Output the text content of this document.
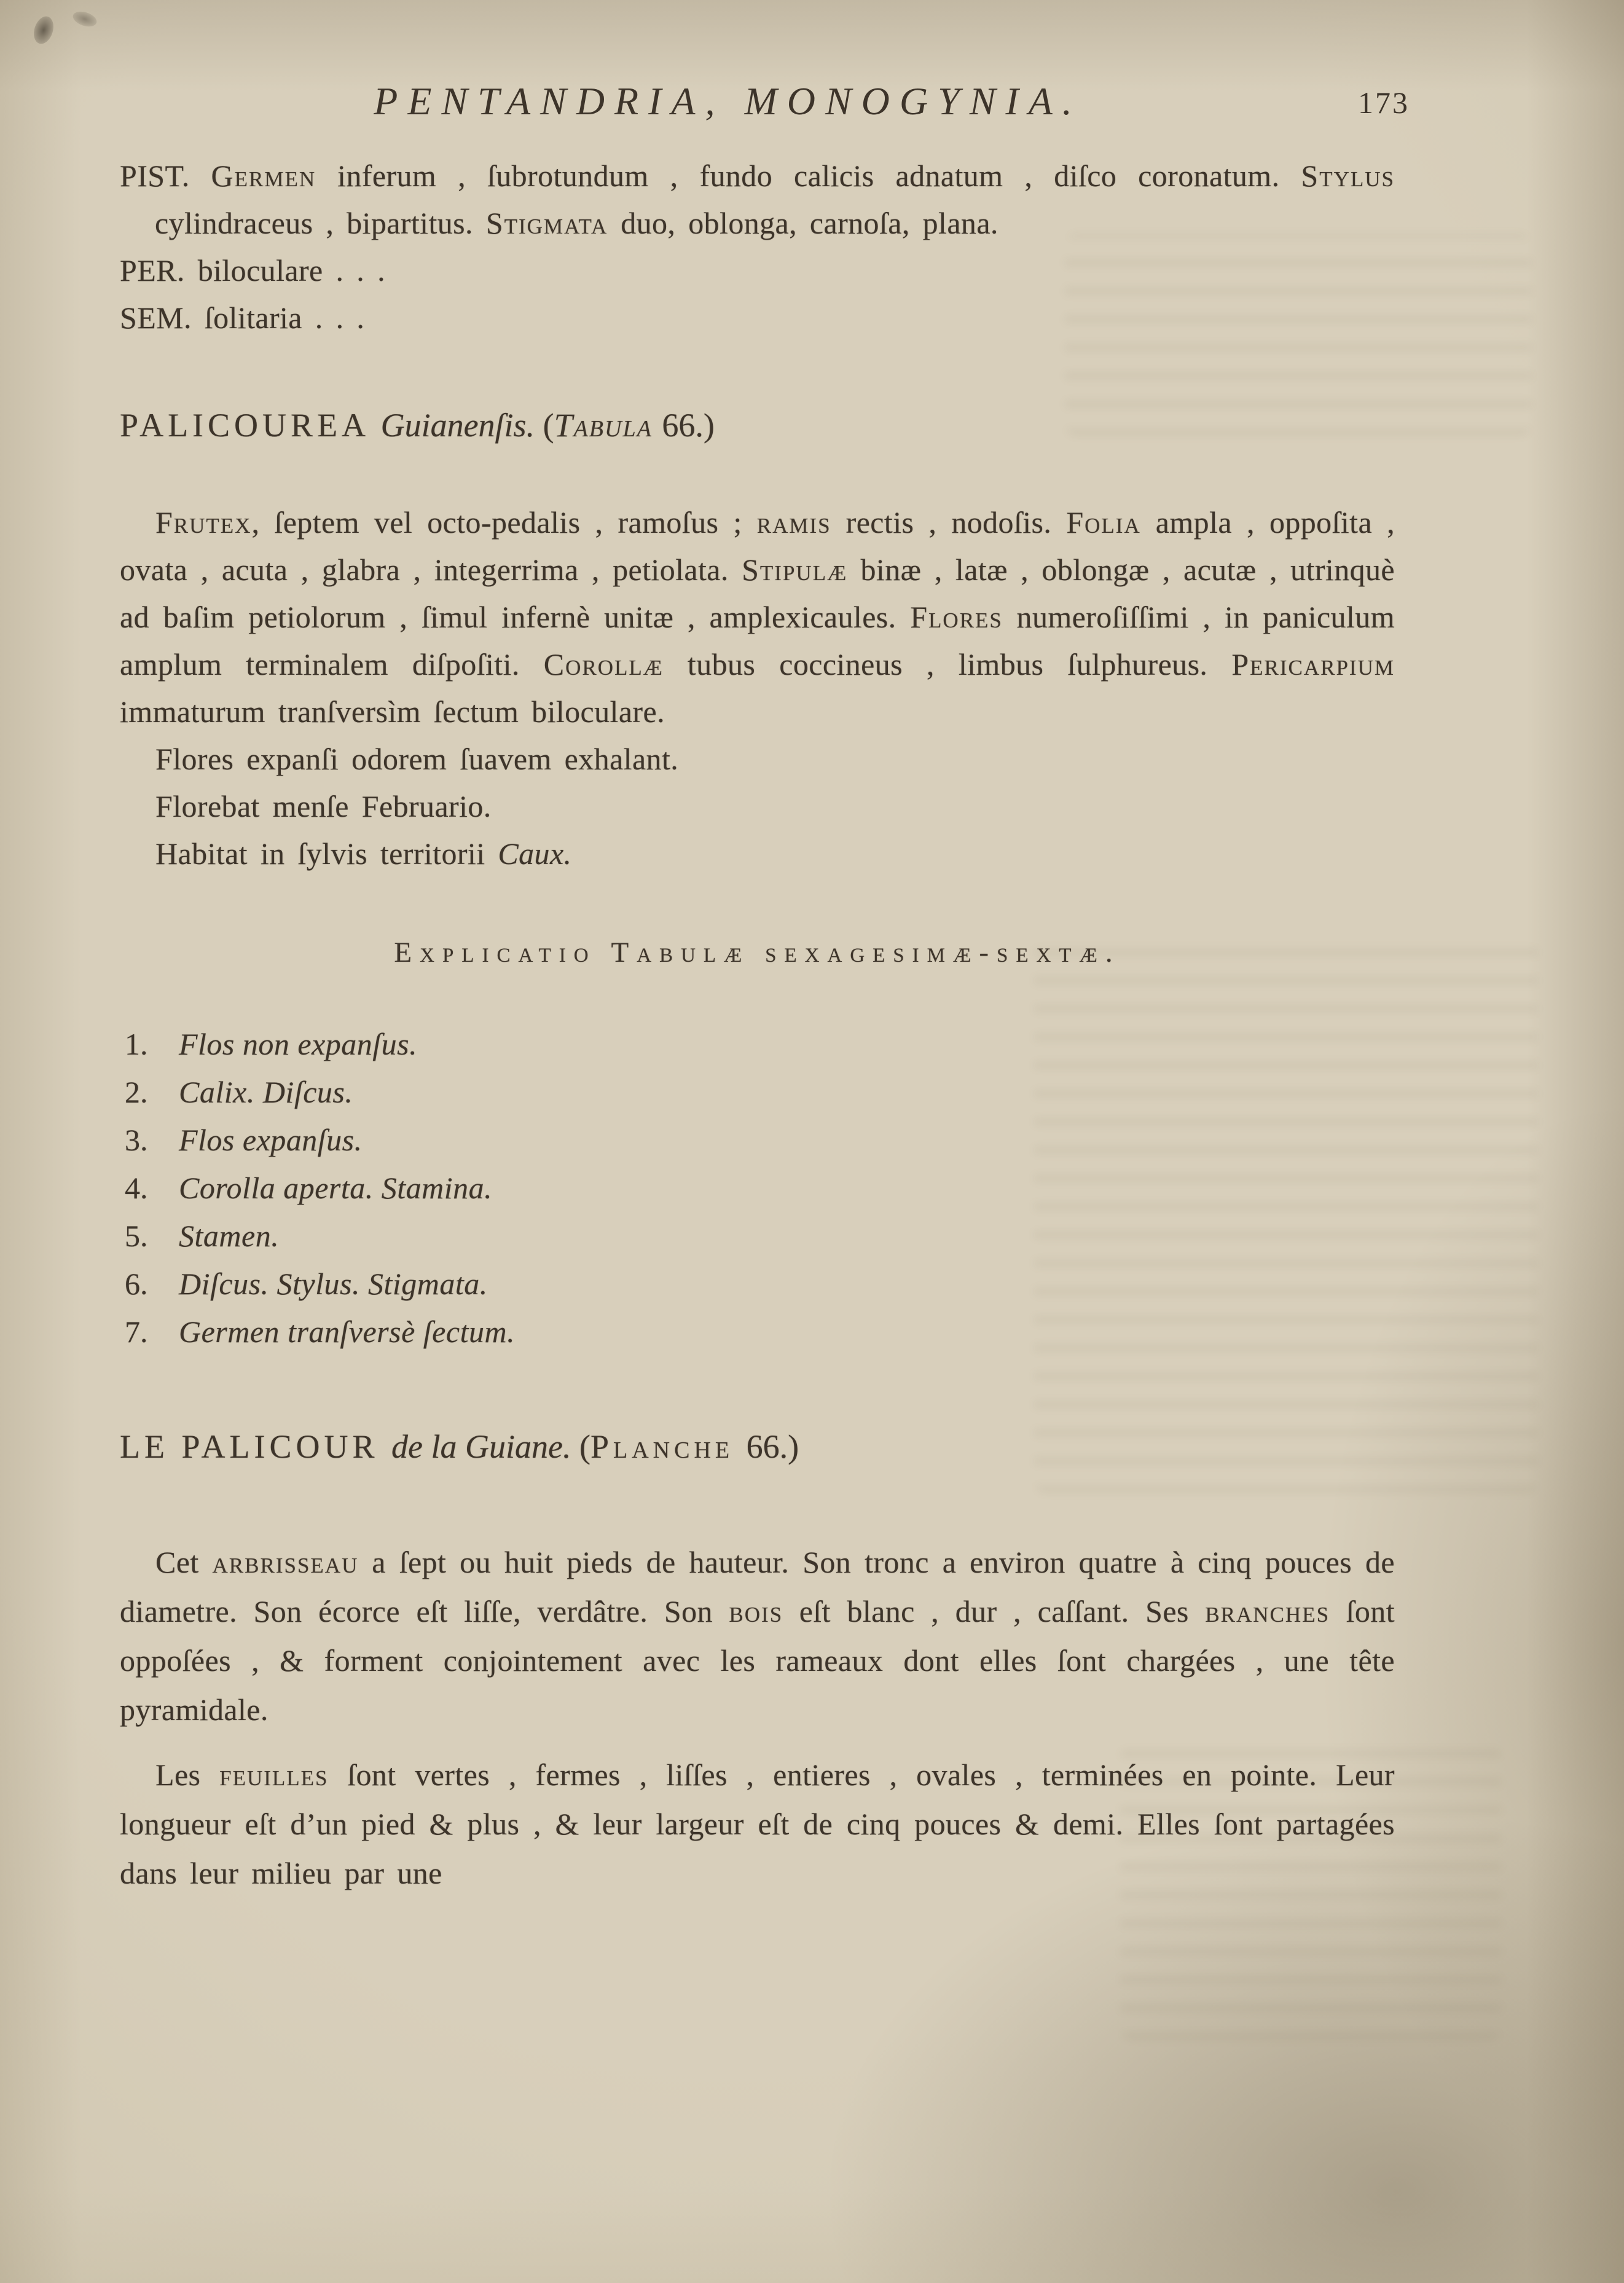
PENTANDRIA, MONOGYNIA.	173

PIST. Germen inferum , ſubrotundum , fundo calicis adnatum , diſco coronatum. Stylus cylindraceus , bipartitus. Stigmata duo, oblonga, carnoſa, plana.

PER. biloculare . . .

SEM. ſolitaria . . .

PALICOUREA Guianenſis. (Tabula 66.)

Frutex, ſeptem vel octo-pedalis , ramoſus ; ramis rectis , nodoſis. Folia ampla , oppoſita , ovata , acuta , glabra , integerrima , petiolata. Stipulæ binæ , latæ , oblongæ , acutæ , utrinquè ad baſim petiolorum , ſimul infernè unitæ , amplexicaules. Flores numeroſiſſimi , in paniculum amplum terminalem diſpoſiti. Corollæ tubus coccineus , limbus ſulphureus. Pericarpium immaturum tranſversìm ſectum biloculare.

Flores expanſi odorem ſuavem exhalant.

Florebat menſe Februario.

Habitat in ſylvis territorii Caux.

Explicatio Tabulæ sexagesimæ-sextæ.
1. Flos non expanſus.
2. Calix. Diſcus.
3. Flos expanſus.
4. Corolla aperta. Stamina.
5. Stamen.
6. Diſcus. Stylus. Stigmata.
7. Germen tranſversè ſectum.
LE PALICOUR de la Guiane. (Planche 66.)

Cet arbrisseau a ſept ou huit pieds de hauteur. Son tronc a environ quatre à cinq pouces de diametre. Son écorce eſt liſſe, verdâtre. Son bois eſt blanc , dur , caſſant. Ses branches ſont oppoſées , & forment conjointement avec les rameaux dont elles ſont chargées , une tête pyramidale.

Les feuilles ſont vertes , fermes , liſſes , entieres , ovales , terminées en pointe. Leur longueur eſt d’un pied & plus , & leur largeur eſt de cinq pouces & demi. Elles ſont partagées dans leur milieu par une
